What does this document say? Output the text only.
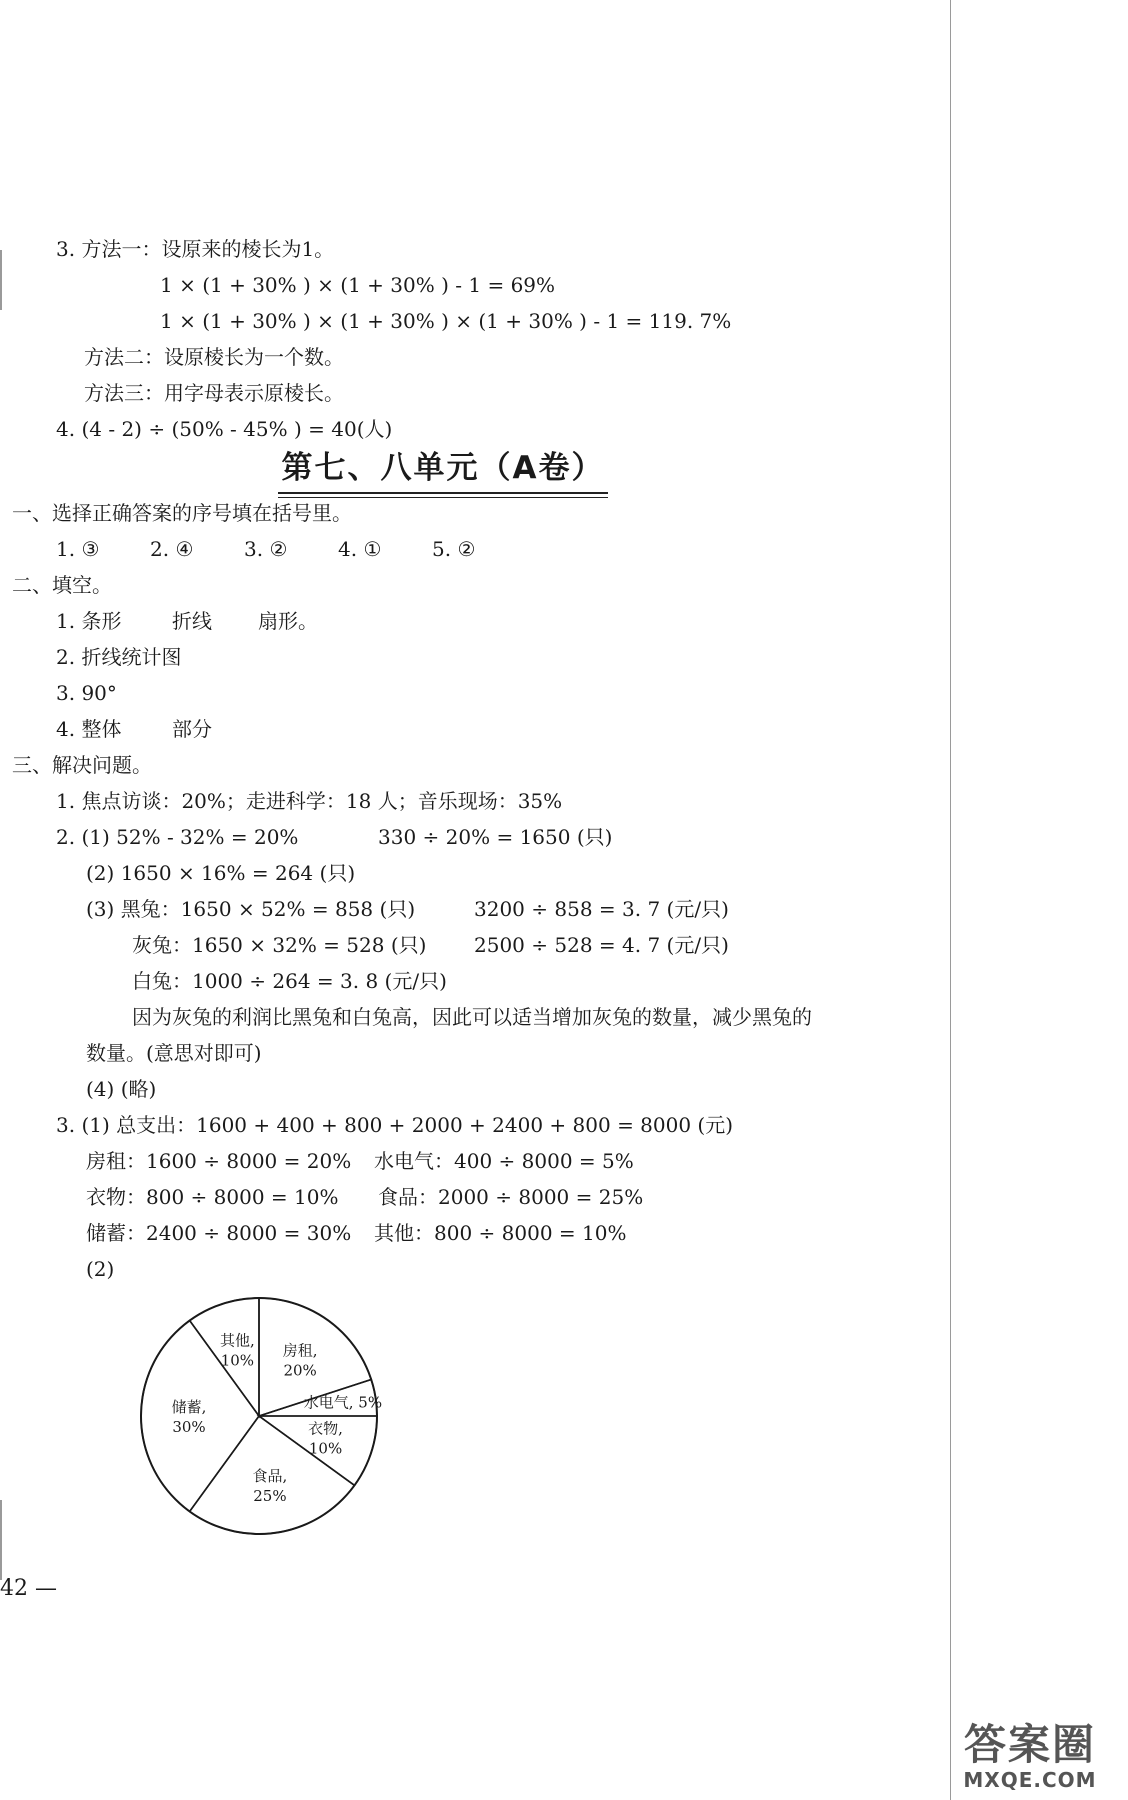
3. 方法一：设原来的棱长为1。
1 × (1 + 30% ) × (1 + 30% ) - 1 = 69%
1 × (1 + 30% ) × (1 + 30% ) × (1 + 30% ) - 1 = 119. 7%
方法二：设原棱长为一个数。
方法三：用字母表示原棱长。
4. (4 - 2) ÷ (50% - 45% ) = 40(人)
第七、八单元（A卷）
一、选择正确答案的序号填在括号里。
1. ③	2. ④	3. ②	4. ①	5. ②
二、填空。
1. 条形	折线 扇形。
2. 折线统计图
3. 90°
4. 整体	部分
三、解决问题。
1. 焦点访谈：20%；走进科学：18 人；音乐现场：35%
2. (1) 52% - 32% = 20%	330 ÷ 20% = 1650 (只)
(2) 1650 × 16% = 264 (只)
(3) 黑兔：1650 × 52% = 858 (只)	3200 ÷ 858 = 3. 7 (元/只)
灰兔：1650 × 32% = 528 (只) 2500 ÷ 528 = 4. 7 (元/只)
白兔：1000 ÷ 264 = 3. 8 (元/只)
因为灰兔的利润比黑兔和白兔高，因此可以适当增加灰兔的数量，减少黑兔的
数量。(意思对即可)
(4) (略)
3. (1) 总支出：1600 + 400 + 800 + 2000 + 2400 + 800 = 8000 (元)
房租：1600 ÷ 8000 = 20% 水电气：400 ÷ 8000 = 5%
衣物：800 ÷ 8000 = 10% 食品：2000 ÷ 8000 = 25%
储蓄：2400 ÷ 8000 = 30% 其他：800 ÷ 8000 = 10%
(2)
房租,
20%
水电气, 5%
衣物,
10%
食品,
25%
储蓄,
30%
其他,
10%
42 —
答案圈
MXQE.COM
